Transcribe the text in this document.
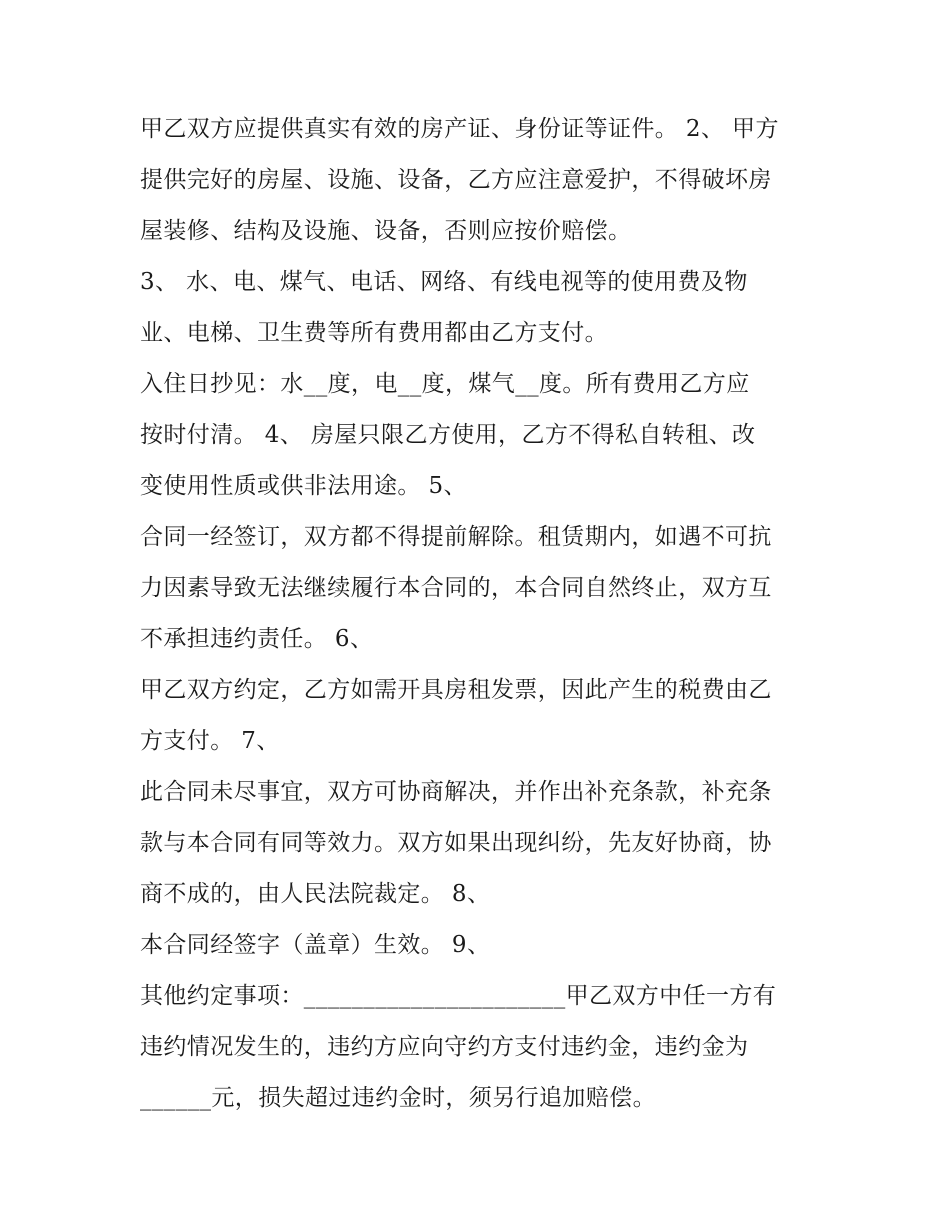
甲乙双方应提供真实有效的房产证、身份证等证件。 2、 甲方
提供完好的房屋、设施、设备，乙方应注意爱护，不得破坏房
屋装修、结构及设施、设备，否则应按价赔偿。
3、 水、电、煤气、电话、网络、有线电视等的使用费及物
业、电梯、卫生费等所有费用都由乙方支付。
入住日抄见：水__度，电__度，煤气__度。所有费用乙方应
按时付清。 4、 房屋只限乙方使用，乙方不得私自转租、改
变使用性质或供非法用途。 5、
合同一经签订，双方都不得提前解除。租赁期内，如遇不可抗
力因素导致无法继续履行本合同的，本合同自然终止，双方互
不承担违约责任。 6、
甲乙双方约定，乙方如需开具房租发票，因此产生的税费由乙
方支付。 7、
此合同未尽事宜，双方可协商解决，并作出补充条款，补充条
款与本合同有同等效力。双方如果出现纠纷，先友好协商，协
商不成的，由人民法院裁定。 8、
本合同经签字（盖章）生效。 9、
其他约定事项：______________________甲乙双方中任一方有
违约情况发生的，违约方应向守约方支付违约金，违约金为
______元，损失超过违约金时，须另行追加赔偿。
